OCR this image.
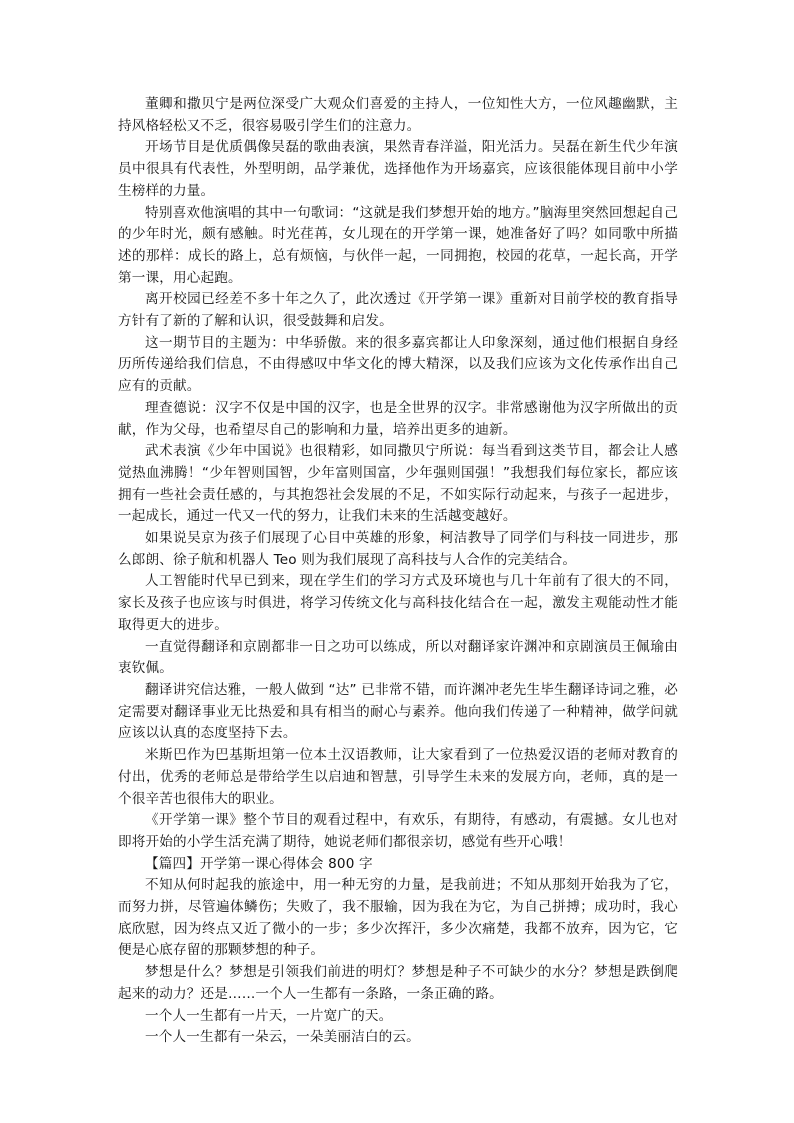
董卿和撒贝宁是两位深受广大观众们喜爱的主持人，一位知性大方，一位风趣幽默，主持风格轻松又不乏，很容易吸引学生们的注意力。

开场节目是优质偶像吴磊的歌曲表演，果然青春洋溢，阳光活力。吴磊在新生代少年演员中很具有代表性，外型明朗，品学兼优，选择他作为开场嘉宾，应该很能体现目前中小学生榜样的力量。

特别喜欢他演唱的其中一句歌词：“这就是我们梦想开始的地方。”脑海里突然回想起自己的少年时光，颇有感触。时光荏苒，女儿现在的开学第一课，她准备好了吗？如同歌中所描述的那样：成长的路上，总有烦恼，与伙伴一起，一同拥抱，校园的花草，一起长高，开学第一课，用心起跑。

离开校园已经差不多十年之久了，此次透过《开学第一课》重新对目前学校的教育指导方针有了新的了解和认识，很受鼓舞和启发。

这一期节目的主题为：中华骄傲。来的很多嘉宾都让人印象深刻，通过他们根据自身经历所传递给我们信息，不由得感叹中华文化的博大精深，以及我们应该为文化传承作出自己应有的贡献。

理查德说：汉字不仅是中国的汉字，也是全世界的汉字。非常感谢他为汉字所做出的贡献，作为父母，也希望尽自己的影响和力量，培养出更多的迪新。

武术表演《少年中国说》也很精彩，如同撒贝宁所说：每当看到这类节目，都会让人感觉热血沸腾！“少年智则国智，少年富则国富，少年强则国强！”我想我们每位家长，都应该拥有一些社会责任感的，与其抱怨社会发展的不足，不如实际行动起来，与孩子一起进步，一起成长，通过一代又一代的努力，让我们未来的生活越变越好。

如果说吴京为孩子们展现了心目中英雄的形象，柯洁教导了同学们与科技一同进步，那么郎朗、徐子航和机器人 Teo 则为我们展现了高科技与人合作的完美结合。

人工智能时代早已到来，现在学生们的学习方式及环境也与几十年前有了很大的不同，家长及孩子也应该与时俱进，将学习传统文化与高科技化结合在一起，激发主观能动性才能取得更大的进步。

一直觉得翻译和京剧都非一日之功可以练成，所以对翻译家许渊冲和京剧演员王佩瑜由衷钦佩。

翻译讲究信达雅，一般人做到 “达” 已非常不错，而许渊冲老先生毕生翻译诗词之雅，必定需要对翻译事业无比热爱和具有相当的耐心与素养。他向我们传递了一种精神，做学问就应该以认真的态度坚持下去。

米斯巴作为巴基斯坦第一位本土汉语教师，让大家看到了一位热爱汉语的老师对教育的付出，优秀的老师总是带给学生以启迪和智慧，引导学生未来的发展方向，老师，真的是一个很辛苦也很伟大的职业。

《开学第一课》整个节目的观看过程中，有欢乐，有期待，有感动，有震撼。女儿也对即将开始的小学生活充满了期待，她说老师们都很亲切，感觉有些开心哦！

【篇四】开学第一课心得体会 800 字

不知从何时起我的旅途中，用一种无穷的力量，是我前进；不知从那刻开始我为了它，而努力拼，尽管遍体鳞伤；失败了，我不服输，因为我在为它，为自己拼搏；成功时，我心底欣慰，因为终点又近了微小的一步；多少次挥汗，多少次痛楚，我都不放弃，因为它，它便是心底存留的那颗梦想的种子。

梦想是什么？梦想是引领我们前进的明灯？梦想是种子不可缺少的水分？梦想是跌倒爬起来的动力？还是……一个人一生都有一条路，一条正确的路。

一个人一生都有一片天，一片宽广的天。

一个人一生都有一朵云，一朵美丽洁白的云。
